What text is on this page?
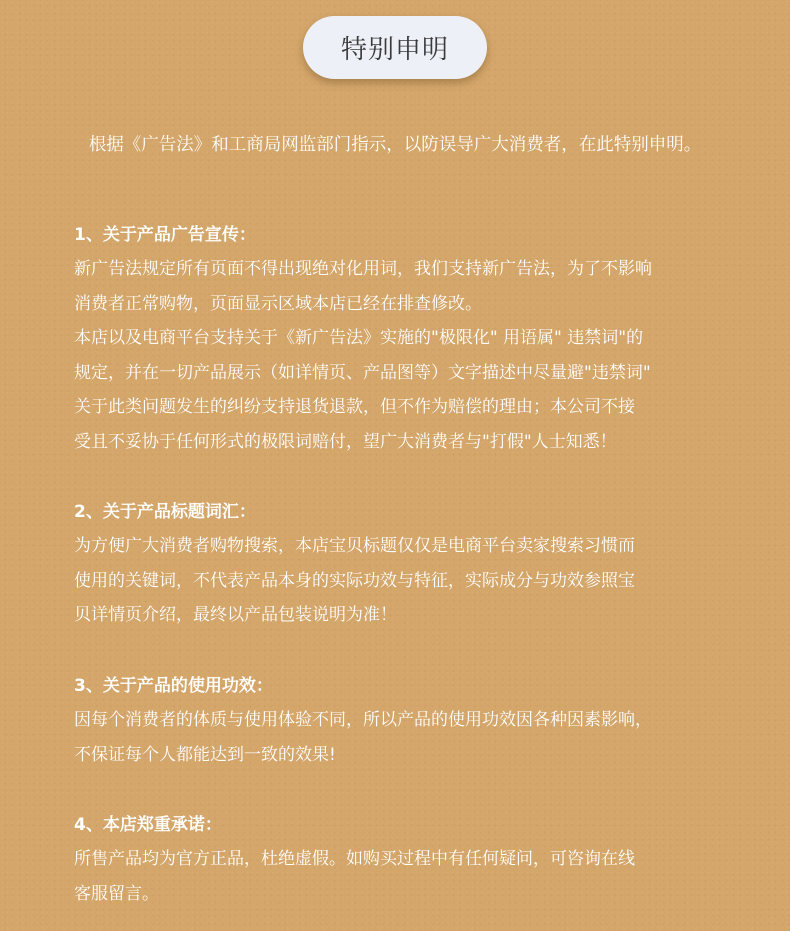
特别申明
根据《广告法》和工商局网监部门指示，以防误导广大消费者，在此特别申明。
1、关于产品广告宣传：
新广告法规定所有页面不得出现绝对化用词，我们支持新广告法，为了不影响
消费者正常购物，页面显示区域本店已经在排查修改。
本店以及电商平台支持关于《新广告法》实施的"极限化" 用语属" 违禁词"的
规定，并在一切产品展示（如详情页、产品图等）文字描述中尽量避"违禁词"
关于此类问题发生的纠纷支持退货退款，但不作为赔偿的理由；本公司不接
受且不妥协于任何形式的极限词赔付，望广大消费者与"打假"人士知悉！
2、关于产品标题词汇：
为方便广大消费者购物搜索，本店宝贝标题仅仅是电商平台卖家搜索习惯而
使用的关键词，不代表产品本身的实际功效与特征，实际成分与功效参照宝
贝详情页介绍，最终以产品包装说明为准！
3、关于产品的使用功效：
因每个消费者的体质与使用体验不同，所以产品的使用功效因各种因素影响，
不保证每个人都能达到一致的效果!
4、本店郑重承诺：
所售产品均为官方正品，杜绝虚假。如购买过程中有任何疑问，可咨询在线
客服留言。
